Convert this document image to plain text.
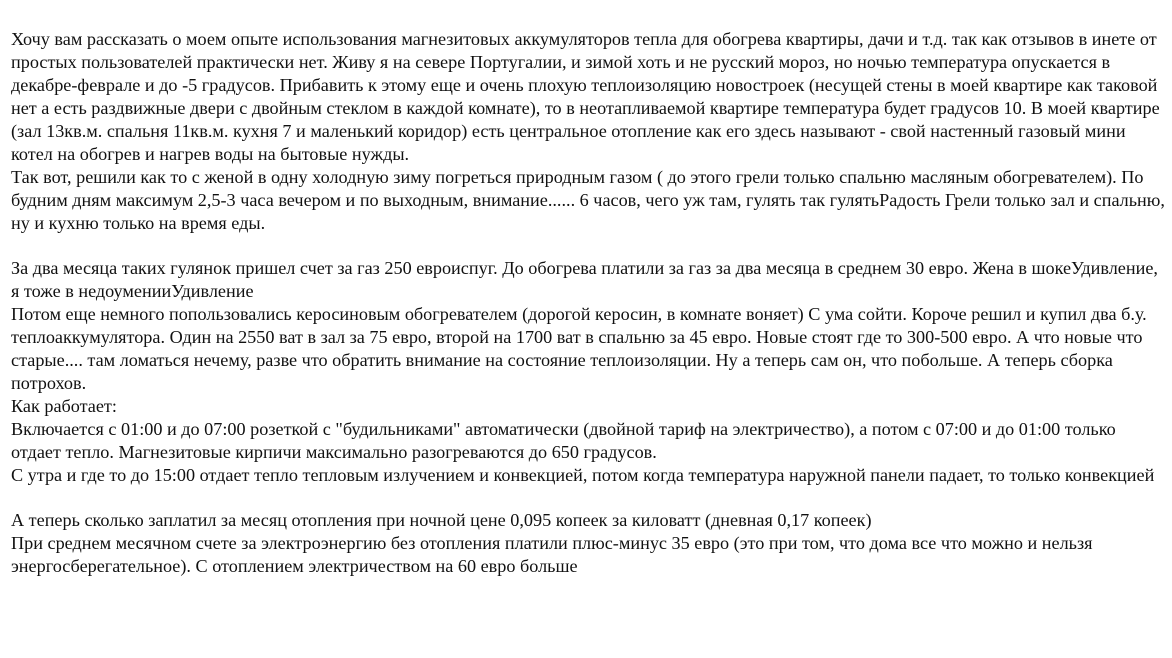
Хочу вам рассказать о моем опыте использования магнезитовых аккумуляторов тепла для обогрева квартиры, дачи и т.д. так как отзывов в инете от простых пользователей практически нет. Живу я на севере Португалии, и зимой хоть и не русский мороз, но ночью температура опускается в декабре-феврале и до -5 градусов. Прибавить к этому еще и очень плохую теплоизоляцию новостроек (несущей стены в моей квартире как таковой нет а есть раздвижные двери с двойным стеклом в каждой комнате), то в неотапливаемой квартире температура будет градусов 10. В моей квартире (зал 13кв.м. спальня 11кв.м. кухня 7 и маленький коридор) есть центральное отопление как его здесь называют - свой настенный газовый мини котел на обогрев и нагрев воды на бытовые нужды.

Так вот, решили как то с женой в одну холодную зиму погреться природным газом ( до этого грели только спальню масляным обогревателем). По будним дням максимум 2,5-3 часа вечером и по выходным, внимание...... 6 часов, чего уж там, гулять так гулятьРадость Грели только зал и спальню, ну и кухню только на время еды.

За два месяца таких гулянок пришел счет за газ 250 евроиспуг. До обогрева платили за газ за два месяца в среднем 30 евро. Жена в шокеУдивление, я тоже в недоуменииУдивление

Потом еще немного попользовались керосиновым обогревателем (дорогой керосин, в комнате воняет) С ума сойти. Короче решил и купил два б.у. теплоаккумулятора. Один на 2550 ват в зал за 75 евро, второй на 1700 ват в спальню за 45 евро. Новые стоят где то 300-500 евро. А что новые что старые.... там ломаться нечему, разве что обратить внимание на состояние теплоизоляции. Ну а теперь сам он, что побольше. А теперь сборка потрохов.

Как работает:

Включается с 01:00 и до 07:00 розеткой с "будильниками" автоматически (двойной тариф на электричество), а потом с 07:00 и до 01:00 только отдает тепло. Магнезитовые кирпичи максимально разогреваются до 650 градусов.

С утра и где то до 15:00 отдает тепло тепловым излучением и конвекцией, потом когда температура наружной панели падает, то только конвекцией

А теперь сколько заплатил за месяц отопления при ночной цене 0,095 копеек за киловатт (дневная 0,17 копеек)

При среднем месячном счете за электроэнергию без отопления платили плюс-минус 35 евро (это при том, что дома все что можно и нельзя энергосберегательное). С отоплением электричеством на 60 евро больше
